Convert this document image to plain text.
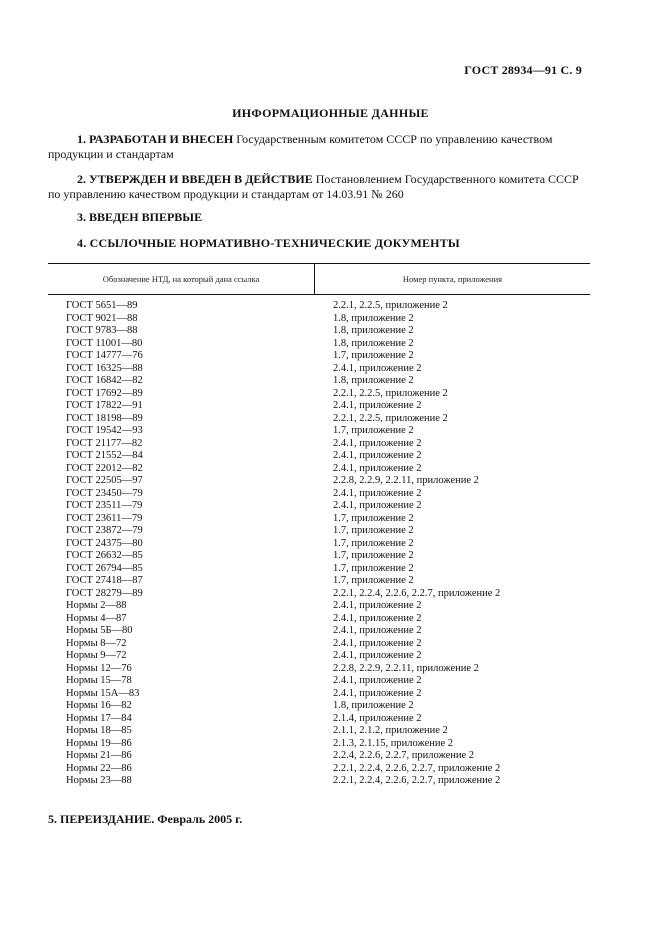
ГОСТ 28934—91 С. 9
ИНФОРМАЦИОННЫЕ ДАННЫЕ
1. РАЗРАБОТАН И ВНЕСЕН Государственным комитетом СССР по управлению качеством продукции и стандартам
2. УТВЕРЖДЕН И ВВЕДЕН В ДЕЙСТВИЕ Постановлением Государственного комитета СССР по управлению качеством продукции и стандартам от 14.03.91 № 260
3. ВВЕДЕН ВПЕРВЫЕ
4. ССЫЛОЧНЫЕ НОРМАТИВНО-ТЕХНИЧЕСКИЕ ДОКУМЕНТЫ
Обозначение НТД, на который дана ссылка	Номер пункта, приложения
ГОСТ 5651—89	2.2.1, 2.2.5, приложение 2
ГОСТ 9021—88	1.8, приложение 2
ГОСТ 9783—88	1.8, приложение 2
ГОСТ 11001—80	1.8, приложение 2
ГОСТ 14777—76	1.7, приложение 2
ГОСТ 16325—88	2.4.1, приложение 2
ГОСТ 16842—82	1.8, приложение 2
ГОСТ 17692—89	2.2.1, 2.2.5, приложение 2
ГОСТ 17822—91	2.4.1, приложение 2
ГОСТ 18198—89	2.2.1, 2.2.5, приложение 2
ГОСТ 19542—93	1.7, приложение 2
ГОСТ 21177—82	2.4.1, приложение 2
ГОСТ 21552—84	2.4.1, приложение 2
ГОСТ 22012—82	2.4.1, приложение 2
ГОСТ 22505—97	2.2.8, 2.2.9, 2.2.11, приложение 2
ГОСТ 23450—79	2.4.1, приложение 2
ГОСТ 23511—79	2.4.1, приложение 2
ГОСТ 23611—79	1.7, приложение 2
ГОСТ 23872—79	1.7, приложение 2
ГОСТ 24375—80	1.7, приложение 2
ГОСТ 26632—85	1.7, приложение 2
ГОСТ 26794—85	1.7, приложение 2
ГОСТ 27418—87	1.7, приложение 2
ГОСТ 28279—89	2.2.1, 2.2.4, 2.2.6, 2.2.7, приложение 2
Нормы 2—88	2.4.1, приложение 2
Нормы 4—87	2.4.1, приложение 2
Нормы 5Б—80	2.4.1, приложение 2
Нормы 8—72	2.4.1, приложение 2
Нормы 9—72	2.4.1, приложение 2
Нормы 12—76	2.2.8, 2.2.9, 2.2.11, приложение 2
Нормы 15—78	2.4.1, приложение 2
Нормы 15А—83	2.4.1, приложение 2
Нормы 16—82	1.8, приложение 2
Нормы 17—84	2.1.4, приложение 2
Нормы 18—85	2.1.1, 2.1.2, приложение 2
Нормы 19—86	2.1.3, 2.1.15, приложение 2
Нормы 21—86	2.2.4, 2.2.6, 2.2.7, приложение 2
Нормы 22—86	2.2.1, 2.2.4, 2.2.6, 2.2.7, приложение 2
Нормы 23—88	2.2.1, 2.2.4, 2.2.6, 2.2.7, приложение 2
5. ПЕРЕИЗДАНИЕ. Февраль 2005 г.
